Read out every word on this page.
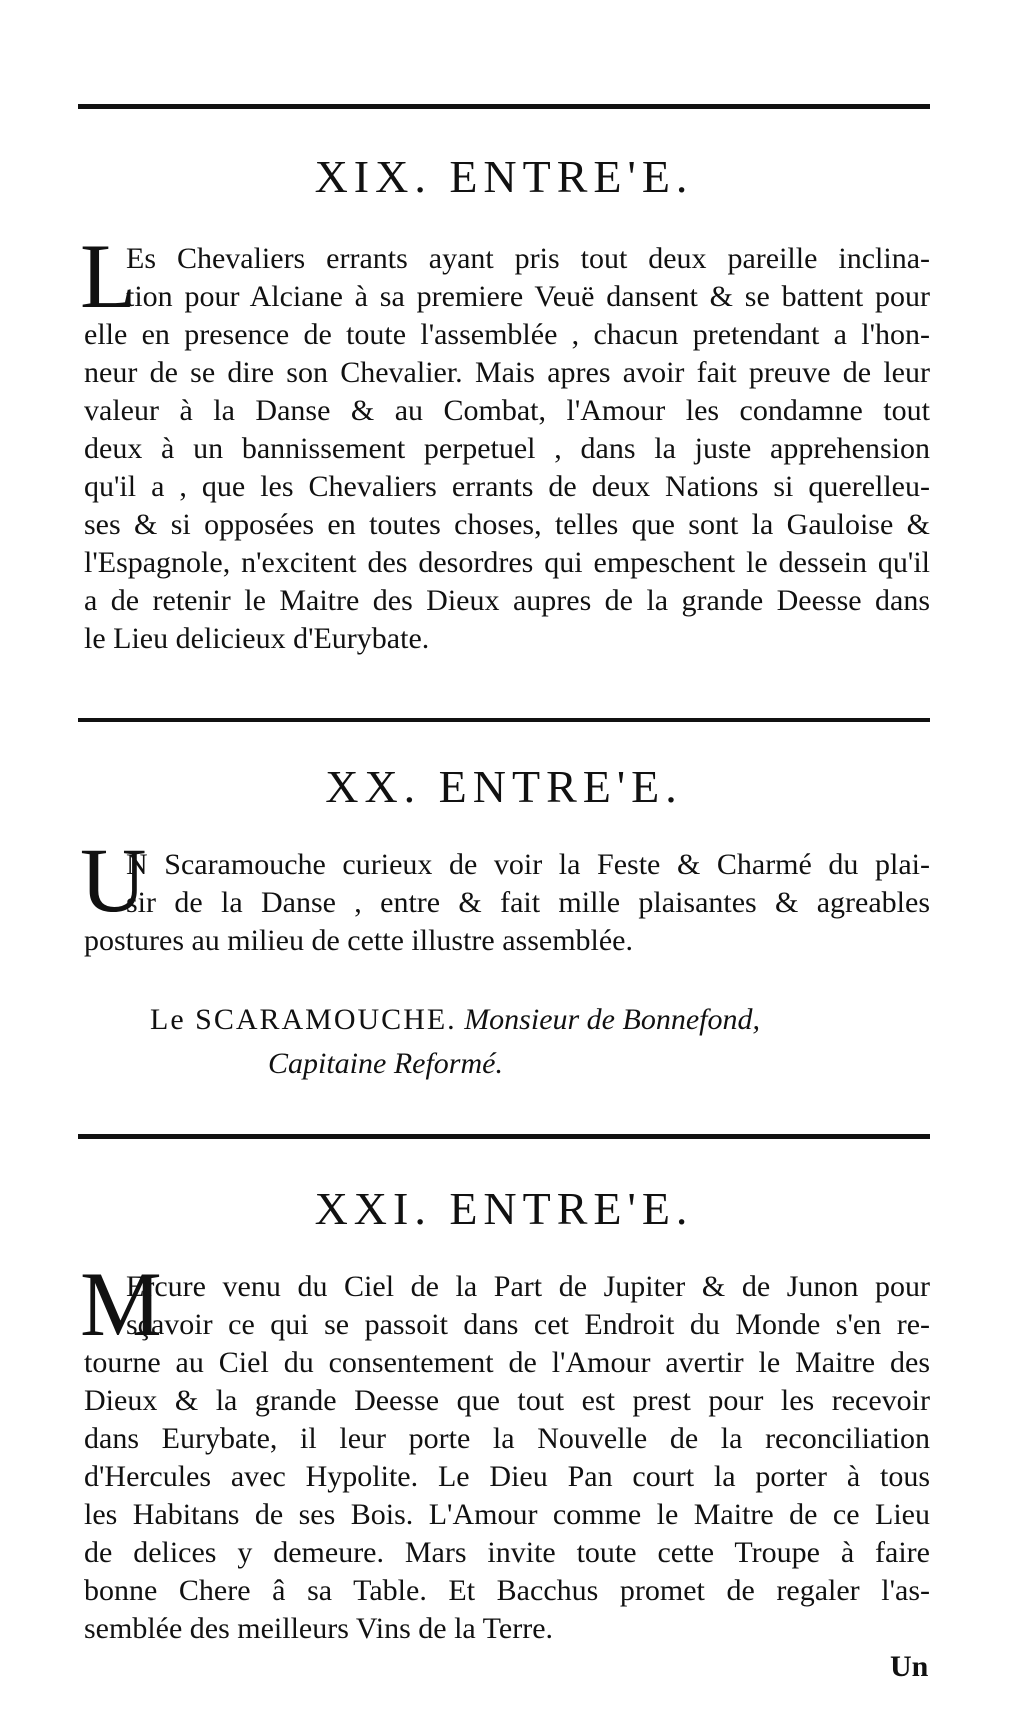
XIX. ENTRE'E.
L
Es Chevaliers errants ayant pris tout deux pareille inclina-
tion pour Alciane à sa premiere Veuë dansent & se battent pour
elle en presence de toute l'assemblée , chacun pretendant a l'hon-
neur de se dire son Chevalier. Mais apres avoir fait preuve de leur
valeur à la Danse & au Combat, l'Amour les condamne tout
deux à un bannissement perpetuel , dans la juste apprehension
qu'il a , que les Chevaliers errants de deux Nations si querelleu-
ses & si opposées en toutes choses, telles que sont la Gauloise &
l'Espagnole, n'excitent des desordres qui empeschent le dessein qu'il
a de retenir le Maitre des Dieux aupres de la grande Deesse dans
le Lieu delicieux d'Eurybate.
XX. ENTRE'E.
U
N Scaramouche curieux de voir la Feste & Charmé du plai-
sir de la Danse , entre & fait mille plaisantes & agreables
postures au milieu de cette illustre assemblée.
Le SCARAMOUCHE. Monsieur de Bonnefond,
Capitaine Reformé.
XXI. ENTRE'E.
M
Ercure venu du Ciel de la Part de Jupiter & de Junon pour
sçavoir ce qui se passoit dans cet Endroit du Monde s'en re-
tourne au Ciel du consentement de l'Amour avertir le Maitre des
Dieux & la grande Deesse que tout est prest pour les recevoir
dans Eurybate, il leur porte la Nouvelle de la reconciliation
d'Hercules avec Hypolite. Le Dieu Pan court la porter à tous
les Habitans de ses Bois. L'Amour comme le Maitre de ce Lieu
de delices y demeure. Mars invite toute cette Troupe à faire
bonne Chere â sa Table. Et Bacchus promet de regaler l'as-
semblée des meilleurs Vins de la Terre.
Un
